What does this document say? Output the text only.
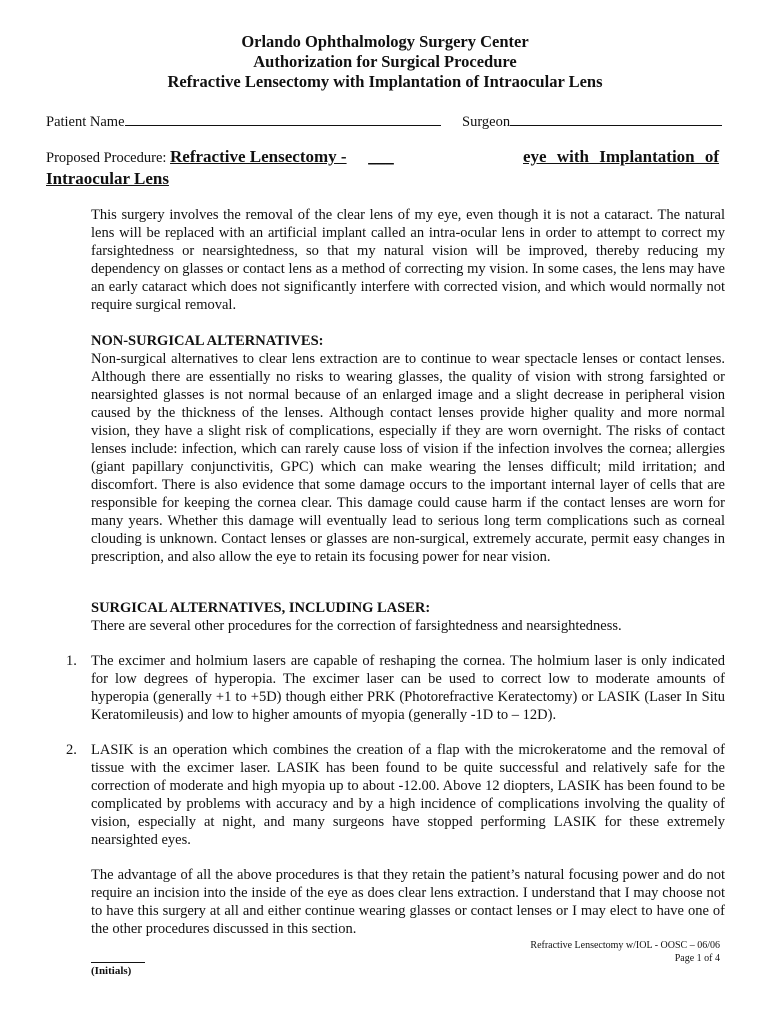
Orlando Ophthalmology Surgery Center
Authorization for Surgical Procedure
Refractive Lensectomy with Implantation of Intraocular Lens
Patient Name	Surgeon
Proposed Procedure: Refractive Lensectomy - ___	eye with Implantation of
Intraocular Lens
This surgery involves the removal of the clear lens of my eye, even though it is not a cataract. The natural lens will be replaced with an artificial implant called an intra-ocular lens in order to attempt to correct my farsightedness or nearsightedness, so that my natural vision will be improved, thereby reducing my dependency on glasses or contact lens as a method of correcting my vision. In some cases, the lens may have an early cataract which does not significantly interfere with corrected vision, and which would normally not require surgical removal.
NON-SURGICAL ALTERNATIVES:
Non-surgical alternatives to clear lens extraction are to continue to wear spectacle lenses or contact lenses. Although there are essentially no risks to wearing glasses, the quality of vision with strong farsighted or nearsighted glasses is not normal because of an enlarged image and a slight decrease in peripheral vision caused by the thickness of the lenses. Although contact lenses provide higher quality and more normal vision, they have a slight risk of complications, especially if they are worn overnight. The risks of contact lenses include: infection, which can rarely cause loss of vision if the infection involves the cornea; allergies (giant papillary conjunctivitis, GPC) which can make wearing the lenses difficult; mild irritation; and discomfort. There is also evidence that some damage occurs to the important internal layer of cells that are responsible for keeping the cornea clear. This damage could cause harm if the contact lenses are worn for many years. Whether this damage will eventually lead to serious long term complications such as corneal clouding is unknown. Contact lenses or glasses are non-surgical, extremely accurate, permit easy changes in prescription, and also allow the eye to retain its focusing power for near vision.
SURGICAL ALTERNATIVES, INCLUDING LASER:
There are several other procedures for the correction of farsightedness and nearsightedness.
1. The excimer and holmium lasers are capable of reshaping the cornea. The holmium laser is only indicated for low degrees of hyperopia. The excimer laser can be used to correct low to moderate amounts of hyperopia (generally +1 to +5D) though either PRK (Photorefractive Keratectomy) or LASIK (Laser In Situ Keratomileusis) and low to higher amounts of myopia (generally -1D to – 12D).
2. LASIK is an operation which combines the creation of a flap with the microkeratome and the removal of tissue with the excimer laser. LASIK has been found to be quite successful and relatively safe for the correction of moderate and high myopia up to about -12.00. Above 12 diopters, LASIK has been found to be complicated by problems with accuracy and by a high incidence of complications involving the quality of vision, especially at night, and many surgeons have stopped performing LASIK for these extremely nearsighted eyes.
The advantage of all the above procedures is that they retain the patient’s natural focusing power and do not require an incision into the inside of the eye as does clear lens extraction. I understand that I may choose not to have this surgery at all and either continue wearing glasses or contact lenses or I may elect to have one of the other procedures discussed in this section.
Refractive Lensectomy w/IOL - OOSC – 06/06
Page 1 of 4
(Initials)
